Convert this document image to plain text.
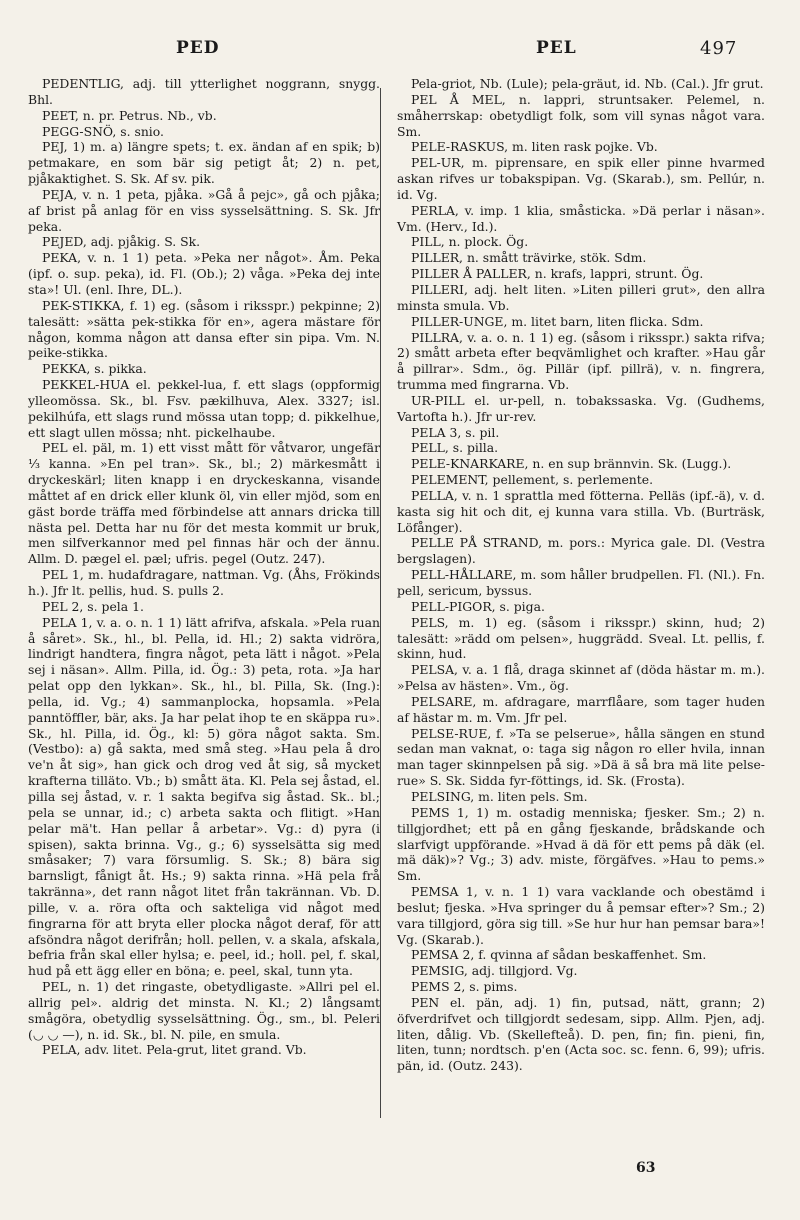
PED	PEL	497

PEDENTLIG, adj. till ytterlighet noggrann, snygg. Bhl.

PEET, n. pr. Petrus. Nb., vb.

PEGG-SNÖ, s. snio.

PEJ, 1) m. a) längre spets; t. ex. ändan af en spik; b) petmakare, en som bär sig petigt åt; 2) n. pet, pjåkaktighet. S. Sk. Af sv. pik.

PEJA, v. n. 1 peta, pjåka. »Gå å pejc», gå och pjåka; af brist på anlag för en viss sysselsättning. S. Sk. Jfr peka.

PEJED, adj. pjåkig. S. Sk.

PEKA, v. n. 1 1) peta. »Peka ner något». Åm. Peka (ipf. o. sup. peka), id. Fl. (Ob.); 2) våga. »Peka dej inte sta»! Ul. (enl. Ihre, DL.).

PEK-STIKKA, f. 1) eg. (såsom i riksspr.) pekpinne; 2) talesätt: »sätta pek-stikka för en», agera mästare för någon, komma någon att dansa efter sin pipa. Vm. N. peike-stikka.

PEKKA, s. pikka.

PEKKEL-HUA el. pekkel-lua, f. ett slags (oppformig ylleomössa. Sk., bl. Fsv. pækilhuva, Alex. 3327; isl. pekilhúfa, ett slags rund mössa utan topp; d. pikkelhue, ett slagt ullen mössa; nht. pickelhaube.

PEL el. päl, m. 1) ett visst mått för våtvaror, ungefär ⅓ kanna. »En pel tran». Sk., bl.; 2) märkesmått i dryckeskärl; liten knapp i en dryckeskanna, visande måttet af en drick eller klunk öl, vin eller mjöd, som en gäst borde träffa med förbindelse att annars dricka till nästa pel. Detta har nu för det mesta kommit ur bruk, men silfverkannor med pel finnas här och der ännu. Allm. D. pægel el. pæl; ufris. pegel (Outz. 247).

PEL 1, m. hudafdragare, nattman. Vg. (Åhs, Frökinds h.). Jfr lt. pellis, hud. S. pulls 2.

PEL 2, s. pela 1.

PELA 1, v. a. o. n. 1 1) lätt afrifva, afskala. »Pela ruan å såret». Sk., hl., bl. Pella, id. Hl.; 2) sakta vidröra, lindrigt handtera, fingra något, peta lätt i något. »Pela sej i näsan». Allm. Pilla, id. Ög.: 3) peta, rota. »Ja har pelat opp den lykkan». Sk., hl., bl. Pilla, Sk. (Ing.): pella, id. Vg.; 4) sammanplocka, hopsamla. »Pela panntöffler, bär, aks. Ja har pelat ihop te en skäppa ru». Sk., hl. Pilla, id. Ög., kl: 5) göra något sakta. Sm. (Vestbo): a) gå sakta, med små steg. »Hau pela å dro ve'n åt sig», han gick och drog ved åt sig, så mycket krafterna tilläto. Vb.; b) smått äta. Kl. Pela sej åstad, el. pilla sej åstad, v. r. 1 sakta begifva sig åstad. Sk.. bl.; pela se unnar, id.; c) arbeta sakta och flitigt. »Han pelar mä't. Han pellar å arbetar». Vg.: d) pyra (i spisen), sakta brinna. Vg., g.; 6) sysselsätta sig med småsaker; 7) vara försumlig. S. Sk.; 8) bära sig barnsligt, fånigt åt. Hs.; 9) sakta rinna. »Hä pela frå takränna», det rann något litet från takrännan. Vb. D. pille, v. a. röra ofta och sakteliga vid något med fingrarna för att bryta eller plocka något deraf, för att afsöndra något derifrån; holl. pellen, v. a skala, afskala, befria från skal eller hylsa; e. peel, id.; holl. pel, f. skal, hud på ett ägg eller en böna; e. peel, skal, tunn yta.

PEL, n. 1) det ringaste, obetydligaste. »Allri pel el. allrig pel». aldrig det minsta. N. Kl.; 2) långsamt smågöra, obetydlig sysselsättning. Ög., sm., bl. Peleri (◡ ◡ —), n. id. Sk., bl. N. pile, en smula.

PELA, adv. litet. Pela-grut, litet grand. Vb.

Pela-griot, Nb. (Lule); pela-gräut, id. Nb. (Cal.). Jfr grut.

PEL Å MEL, n. lappri, struntsaker. Pelemel, n. småherrskap: obetydligt folk, som vill synas något vara. Sm.

PELE-RASKUS, m. liten rask pojke. Vb.

PEL-UR, m. piprensare, en spik eller pinne hvarmed askan rifves ur tobakspipan. Vg. (Skarab.), sm. Pellúr, n. id. Vg.

PERLA, v. imp. 1 klia, småsticka. »Dä perlar i näsan». Vm. (Herv., Id.).

PILL, n. plock. Ög.

PILLER, n. smått trävirke, stök. Sdm.

PILLER Å PALLER, n. krafs, lappri, strunt. Ög.

PILLERI, adj. helt liten. »Liten pilleri grut», den allra minsta smula. Vb.

PILLER-UNGE, m. litet barn, liten flicka. Sdm.

PILLRA, v. a. o. n. 1 1) eg. (såsom i riksspr.) sakta rifva; 2) smått arbeta efter beqvämlighet och krafter. »Hau går å pillrar». Sdm., ög. Pillär (ipf. pillrä), v. n. fingrera, trumma med fingrarna. Vb.

UR-PILL el. ur-pell, n. tobakssaska. Vg. (Gudhems, Vartofta h.). Jfr ur-rev.

PELA 3, s. pil.

PELL, s. pilla.

PELE-KNARKARE, n. en sup brännvin. Sk. (Lugg.).

PELEMENT, pellement, s. perlemente.

PELLA, v. n. 1 sprattla med fötterna. Pelläs (ipf.-ä), v. d. kasta sig hit och dit, ej kunna vara stilla. Vb. (Burträsk, Löfånger).

PELLE PÅ STRAND, m. pors.: Myrica gale. Dl. (Vestra bergslagen).

PELL-HÅLLARE, m. som håller brudpellen. Fl. (Nl.). Fn. pell, sericum, byssus.

PELL-PIGOR, s. piga.

PELS, m. 1) eg. (såsom i riksspr.) skinn, hud; 2) talesätt: »rädd om pelsen», huggrädd. Sveal. Lt. pellis, f. skinn, hud.

PELSA, v. a. 1 flå, draga skinnet af (döda hästar m. m.). »Pelsa av hästen». Vm., ög.

PELSARE, m. afdragare, marrflåare, som tager huden af hästar m. m. Vm. Jfr pel.

PELSE-RUE, f. »Ta se pelserue», hålla sängen en stund sedan man vaknat, o: taga sig någon ro eller hvila, innan man tager skinnpelsen på sig. »Dä ä så bra mä lite pelse-rue» S. Sk. Sidda fyr-föttings, id. Sk. (Frosta).

PELSING, m. liten pels. Sm.

PEMS 1, 1) m. ostadig menniska; fjesker. Sm.; 2) n. tillgjordhet; ett på en gång fjeskande, brådskande och slarfvigt uppförande. »Hvad ä dä för ett pems på däk (el. mä däk)»? Vg.; 3) adv. miste, förgäfves. »Hau to pems.» Sm.

PEMSA 1, v. n. 1 1) vara vacklande och obestämd i beslut; fjeska. »Hva springer du å pemsar efter»? Sm.; 2) vara tillgjord, göra sig till. »Se hur hur han pemsar bara»! Vg. (Skarab.).

PEMSA 2, f. qvinna af sådan beskaffenhet. Sm.

PEMSIG, adj. tillgjord. Vg.

PEMS 2, s. pims.

PEN el. pän, adj. 1) fin, putsad, nätt, grann; 2) öfverdrifvet och tillgjordt sedesam, sipp. Allm. Pjen, adj. liten, dålig. Vb. (Skellefteå). D. pen, fin; fin. pieni, fin, liten, tunn; nordtsch. p'en (Acta soc. sc. fenn. 6, 99); ufris. pän, id. (Outz. 243).

63
